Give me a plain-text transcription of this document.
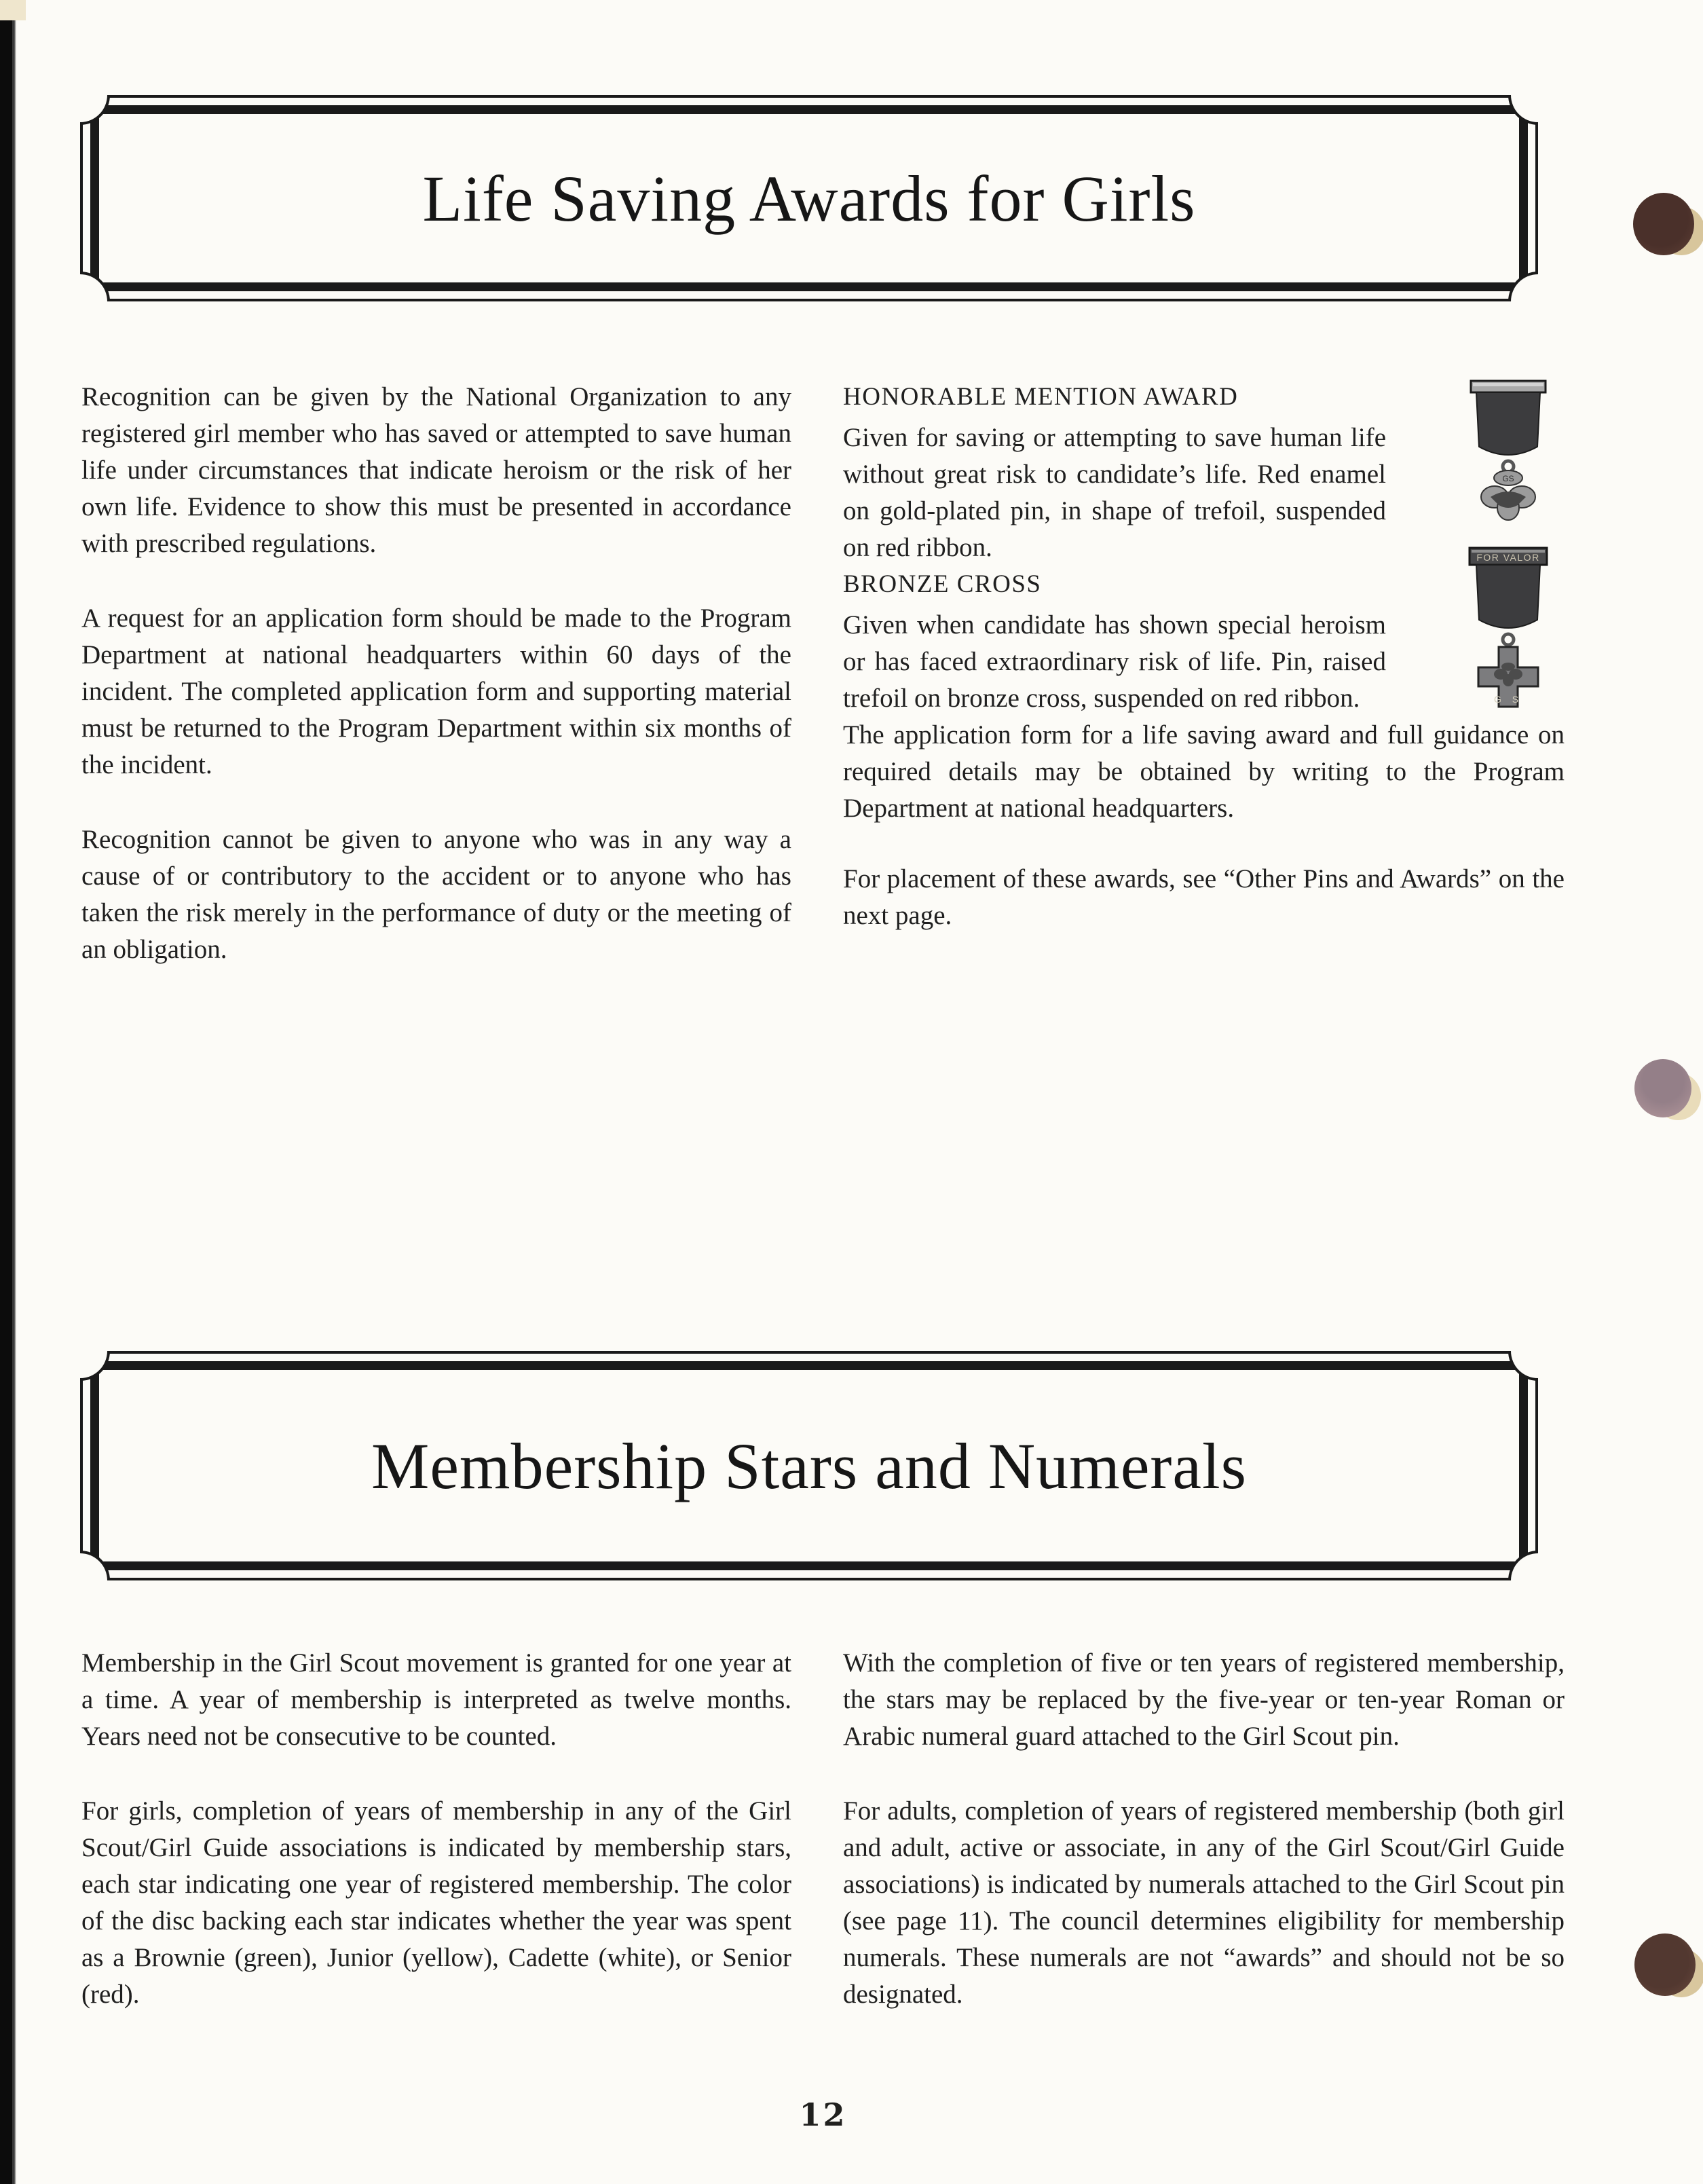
Life Saving Awards for Girls

Recognition can be given by the National Organization to any registered girl member who has saved or attempted to save human life under circumstances that indicate heroism or the risk of her own life. Evidence to show this must be presented in accordance with prescribed regulations.

A request for an application form should be made to the Program Department at national headquarters within 60 days of the incident. The completed application form and supporting material must be returned to the Program Department within six months of the incident.

Recognition cannot be given to anyone who was in any way a cause of or contributory to the accident or to anyone who has taken the risk merely in the performance of duty or the meeting of an obligation.

HONORABLE MENTION AWARD

Given for saving or attempting to save human life without great risk to candidate’s life. Red enamel on gold-plated pin, in shape of trefoil, suspended on red ribbon.

BRONZE CROSS

Given when candidate has shown special heroism or has faced extraordinary risk of life. Pin, raised trefoil on bronze cross, suspended on red ribbon.

The application form for a life saving award and full guidance on required details may be obtained by writing to the Program Department at national headquarters.

For placement of these awards, see “Other Pins and Awards” on the next page.

GS
FOR VALOR
G S
Membership Stars and Numerals

Membership in the Girl Scout movement is granted for one year at a time. A year of membership is interpreted as twelve months. Years need not be consecutive to be counted.

For girls, completion of years of membership in any of the Girl Scout/Girl Guide associations is indicated by membership stars, each star indicating one year of registered membership. The color of the disc backing each star indicates whether the year was spent as a Brownie (green), Junior (yellow), Cadette (white), or Senior (red).

With the completion of five or ten years of registered membership, the stars may be replaced by the five-year or ten-year Roman or Arabic numeral guard attached to the Girl Scout pin.

For adults, completion of years of registered membership (both girl and adult, active or associate, in any of the Girl Scout/Girl Guide associations) is indicated by numerals attached to the Girl Scout pin (see page 11). The council determines eligibility for membership numerals. These numerals are not “awards” and should not be so designated.

12
